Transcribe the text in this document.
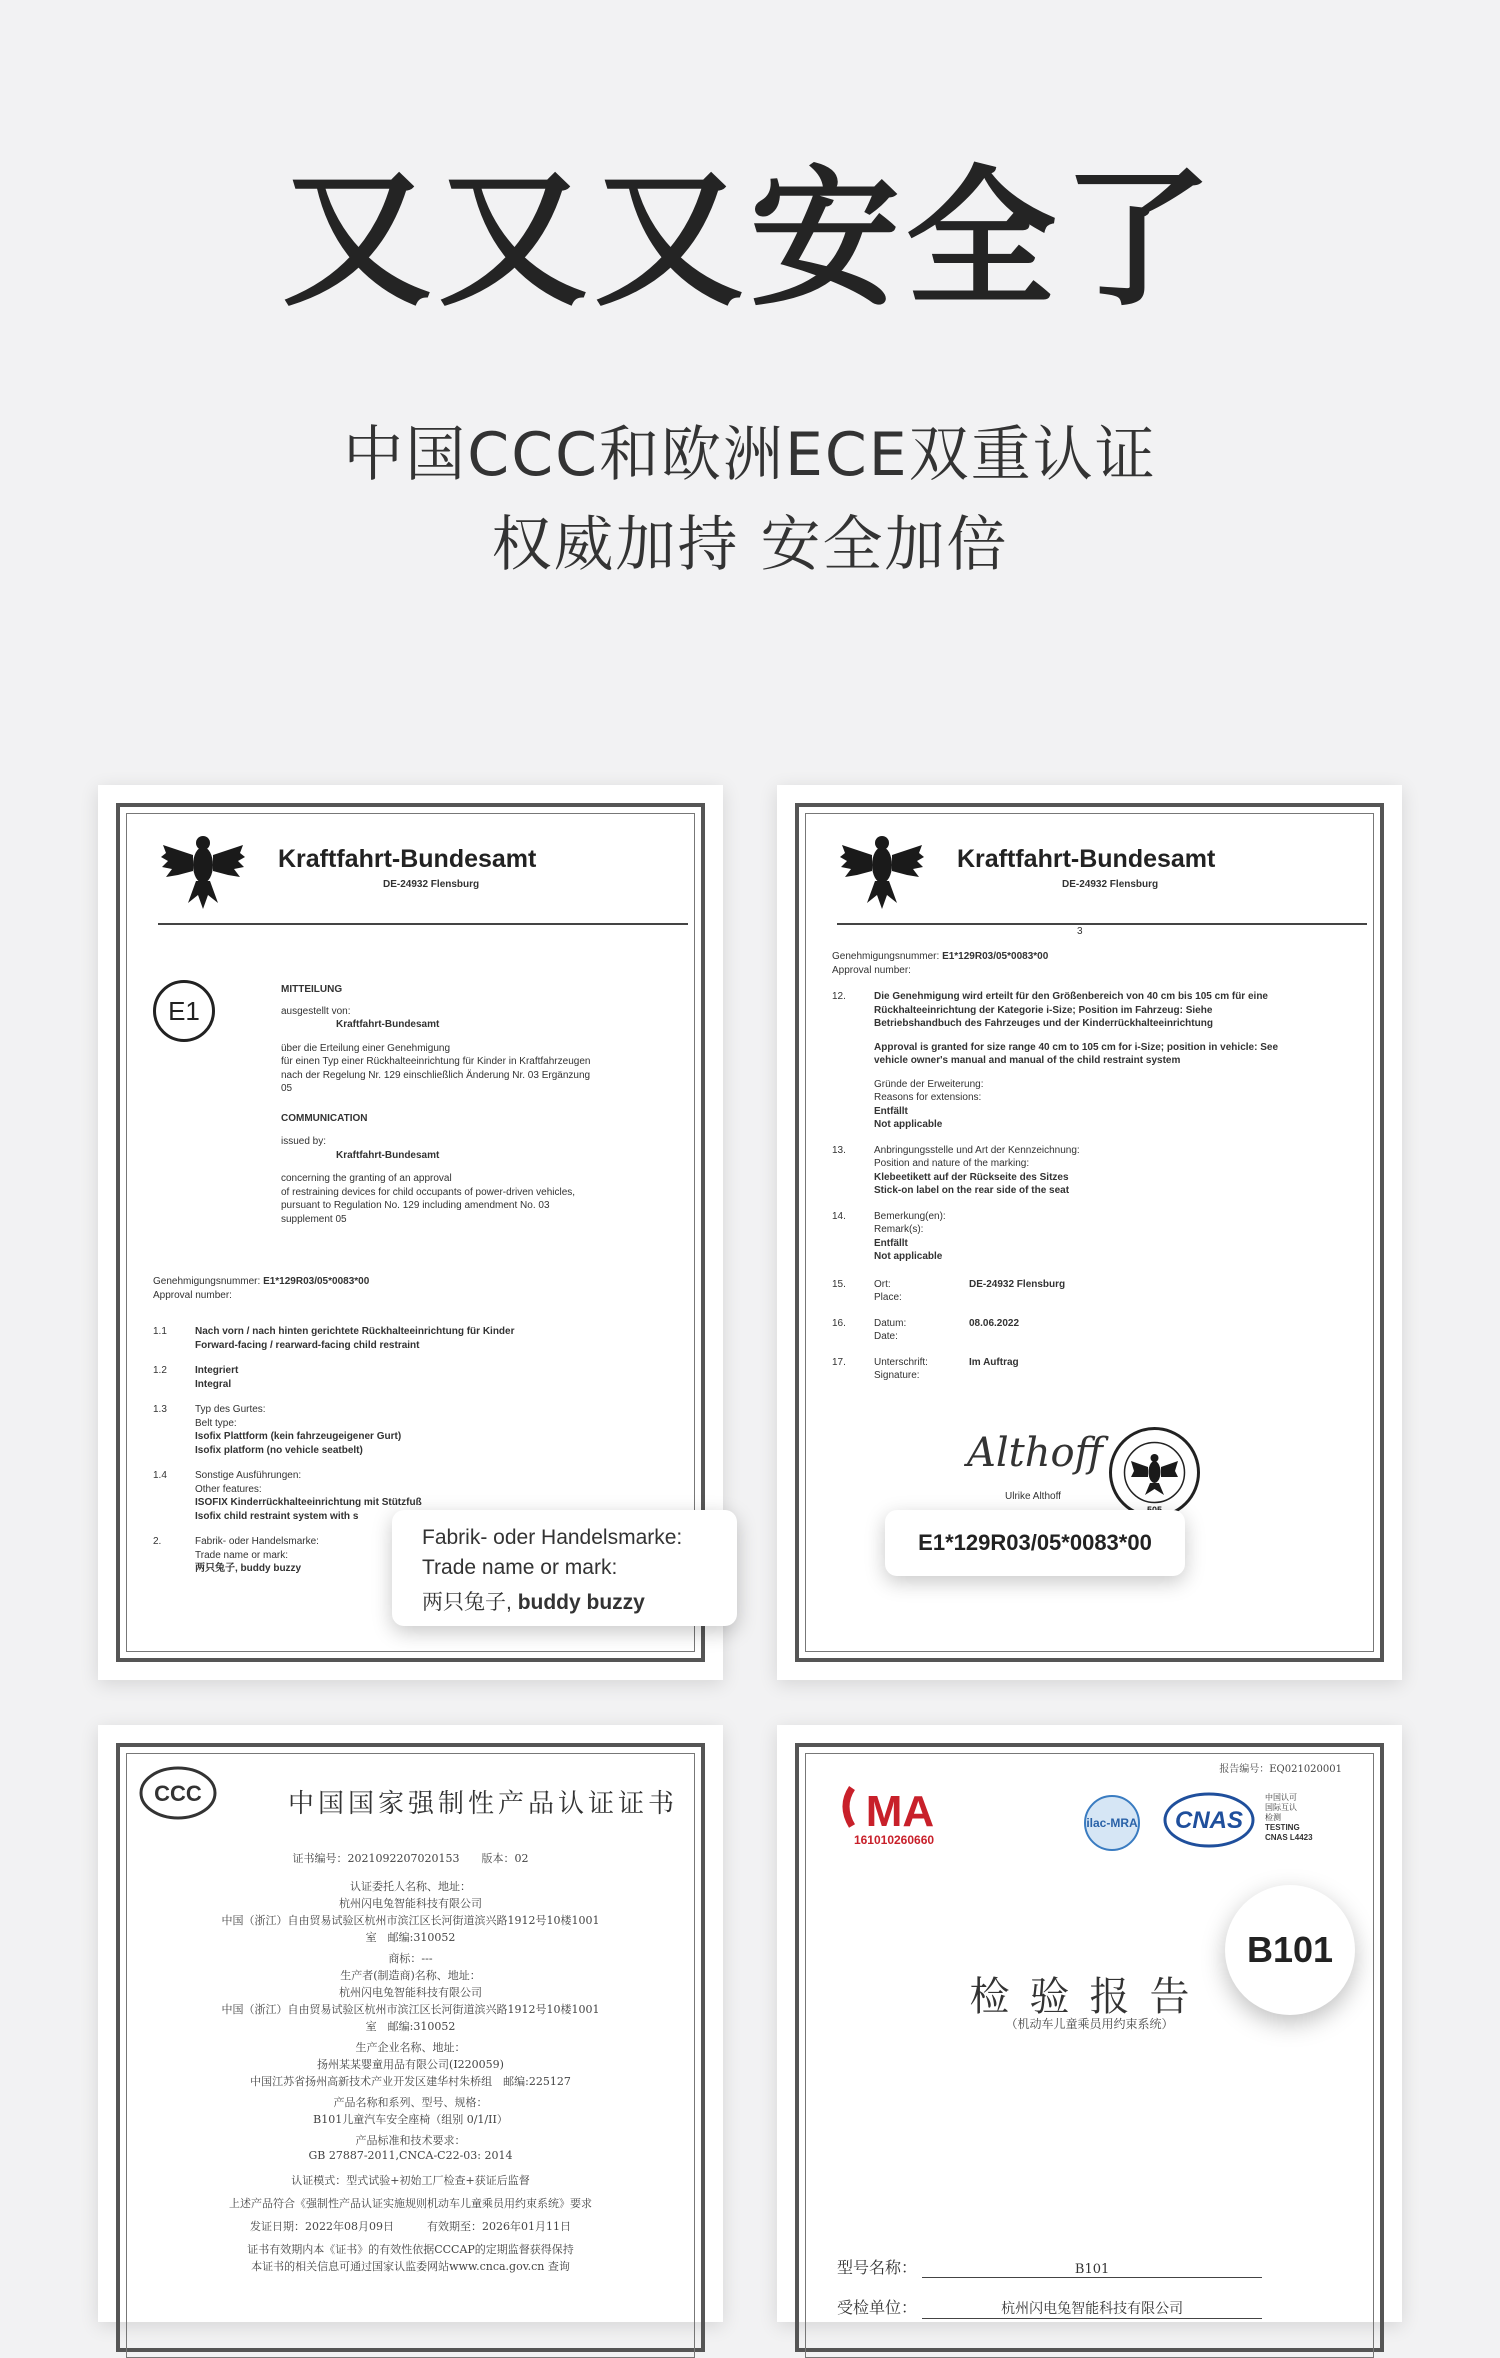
又又又安全了
中国CCC和欧洲ECE双重认证
权威加持 安全加倍
Kraftfahrt-Bundesamt
DE-24932 Flensburg
E1
MITTEILUNG
ausgestellt von:
Kraftfahrt-Bundesamt
über die Erteilung einer Genehmigung
für einen Typ einer Rückhalteeinrichtung für Kinder in Kraftfahrzeugen
nach der Regelung Nr. 129 einschließlich Änderung Nr. 03 Ergänzung
05
COMMUNICATION
issued by:
Kraftfahrt-Bundesamt
concerning the granting of an approval
of restraining devices for child occupants of power-driven vehicles,
pursuant to Regulation No. 129 including amendment No. 03
supplement 05
Genehmigungsnummer: E1*129R03/05*0083*00
Approval number:
1.1	Nach vorn / nach hinten gerichtete Rückhalteeinrichtung für Kinder
Forward-facing / rearward-facing child restraint
1.2	Integriert
Integral
1.3	Typ des Gurtes:
Belt type:
Isofix Plattform (kein fahrzeugeigener Gurt)
Isofix platform (no vehicle seatbelt)
1.4	Sonstige Ausführungen:
Other features:
ISOFIX Kinderrückhalteeinrichtung mit Stützfuß
Isofix child restraint system with s
2.	Fabrik- oder Handelsmarke:
Trade name or mark:
两只兔子, buddy buzzy
Fabrik- oder Handelsmarke:
Trade name or mark:
两只兔子, buddy buzzy
Kraftfahrt-Bundesamt
DE-24932 Flensburg
3
Genehmigungsnummer: E1*129R03/05*0083*00
Approval number:
12.	Die Genehmigung wird erteilt für den Größenbereich von 40 cm bis 105 cm für eine
Rückhalteeinrichtung der Kategorie i-Size; Position im Fahrzeug: Siehe
Betriebshandbuch des Fahrzeuges und der Kinderrückhalteeinrichtung
Approval is granted for size range 40 cm to 105 cm for i-Size; position in vehicle: See
vehicle owner's manual and manual of the child restraint system
Gründe der Erweiterung:
Reasons for extensions:
Entfällt
Not applicable
13.	Anbringungsstelle und Art der Kennzeichnung:
Position and nature of the marking:
Klebeetikett auf der Rückseite des Sitzes
Stick-on label on the rear side of the seat
14.	Bemerkung(en):
Remark(s):
Entfällt
Not applicable
15.	Ort:
Place:
DE-24932 Flensburg
16.	Datum:
Date:
08.06.2022
17.	Unterschrift:
Signature:
Im Auftrag
Althoff
Ulrike Althoff
E1*129R03/05*0083*00
CCC	中国国家强制性产品认证证书
证书编号：2021092207020153　　版本：02
认证委托人名称、地址：
杭州闪电兔智能科技有限公司
中国（浙江）自由贸易试验区杭州市滨江区长河街道滨兴路1912号10楼1001
室　邮编:310052
商标：---
生产者(制造商)名称、地址：
杭州闪电兔智能科技有限公司
中国（浙江）自由贸易试验区杭州市滨江区长河街道滨兴路1912号10楼1001
室　邮编:310052
生产企业名称、地址：
扬州某某婴童用品有限公司(I220059)
中国江苏省扬州高新技术产业开发区建华村朱桥组　邮编:225127
产品名称和系列、型号、规格：
B101儿童汽车安全座椅（组别 0/1/II）
产品标准和技术要求：
GB 27887-2011,CNCA-C22-03: 2014
认证模式：型式试验+初始工厂检查+获证后监督
上述产品符合《强制性产品认证实施规则机动车儿童乘员用约束系统》要求
发证日期：2022年08月09日　　　有效期至：2026年01月11日
证书有效期内本《证书》的有效性依据CCCAP的定期监督获得保持
本证书的相关信息可通过国家认监委网站www.cnca.gov.cn 查询
报告编号：EQ021020001
MA
161010260660
ilac-MRA CNAS
中国认可
国际互认
检测
TESTING
CNAS L4423
检验报告
（机动车儿童乘员用约束系统）
型号名称：	B101
受检单位：	杭州闪电兔智能科技有限公司
B101
